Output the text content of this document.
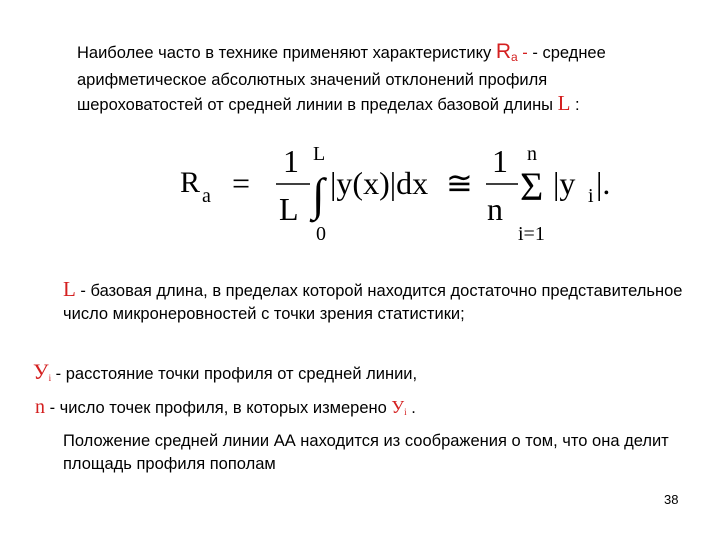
Наиболее часто в технике применяют характеристику Rа - - среднее арифметическое абсолютных значений отклонений профиля шероховатостей от средней линии в пределах базовой длины L :
R a =
1
L
L
∫
0
|y(x)|dx ≅
1
n
n
Σ
i=1
|y i |.
L - базовая длина, в пределах которой находится достаточно представительное число микронеровностей с точки зрения статистики;
Уi - расстояние точки профиля от средней линии,
n - число точек профиля, в которых измерено Уi .
Положение средней линии АА находится из соображения о том, что она делит площадь профиля пополам
38
